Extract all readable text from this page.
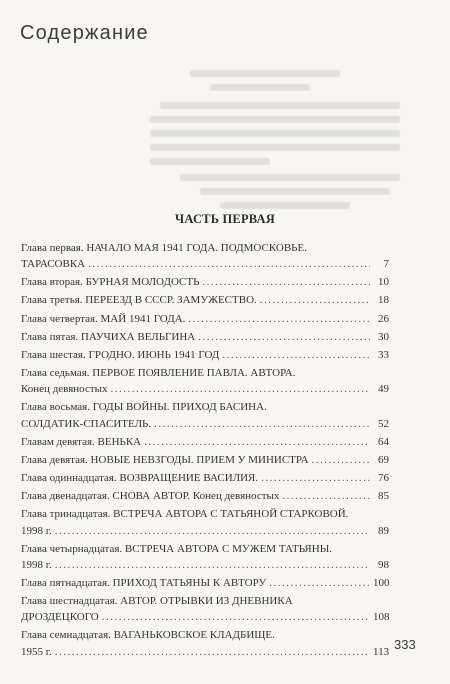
Содержание
ЧАСТЬ ПЕРВАЯ
Глава первая. НАЧАЛО МАЯ 1941 ГОДА. ПОДМОСКОВЬЕ.
ТАРАСОВКА .....	7
Глава вторая. БУРНАЯ МОЛОДОСТЬ .....	10
Глава третья. ПЕРЕЕЗД В СССР. ЗАМУЖЕСТВО. .....	18
Глава четвертая. МАЙ 1941 ГОДА. .....	26
Глава пятая. ПАУЧИХА ВЕЛЬГИНА .....	30
Глава шестая. ГРОДНО. ИЮНЬ 1941 ГОД .....	33
Глава седьмая. ПЕРВОЕ ПОЯВЛЕНИЕ ПАВЛА. АВТОРА.
Конец девяностых .....	49
Глава восьмая. ГОДЫ ВОЙНЫ. ПРИХОД БАСИНА.
СОЛДАТИК-СПАСИТЕЛЬ. .....	52
Главам девятая. ВЕНЬКА .....	64
Глава девятая. НОВЫЕ НЕВЗГОДЫ. ПРИЕМ У МИНИСТРА .....	69
Глава одиннадцатая. ВОЗВРАЩЕНИЕ ВАСИЛИЯ. .....	76
Глава двенадцатая. СНОВА АВТОР. Конец девяностых .....	85
Глава тринадцатая. ВСТРЕЧА АВТОРА С ТАТЬЯНОЙ СТАРКОВОЙ.
1998 г. .....	89
Глава четырнадцатая. ВСТРЕЧА АВТОРА С МУЖЕМ ТАТЬЯНЫ.
1998 г. .....	98
Глава пятнадцатая. ПРИХОД ТАТЬЯНЫ К АВТОРУ .....	100
Глава шестнадцатая. АВТОР. ОТРЫВКИ ИЗ ДНЕВНИКА
ДРОЗДЕЦКОГО .....	108
Глава семнадцатая. ВАГАНЬКОВСКОЕ КЛАДБИЩЕ.
1955 г. .....	113 333
